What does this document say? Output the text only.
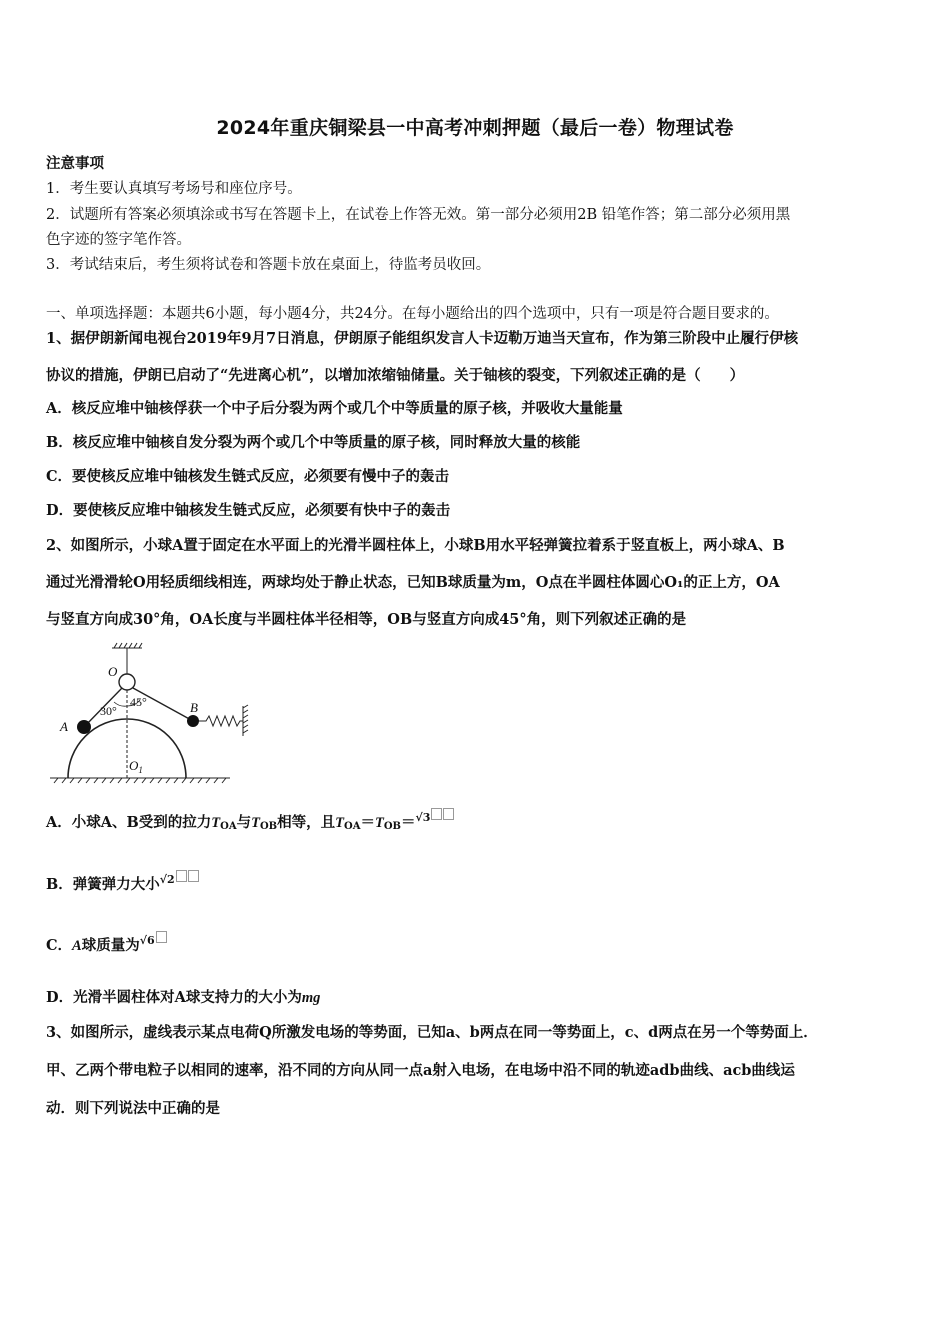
2024年重庆铜梁县一中高考冲刺押题（最后一卷）物理试卷
注意事项
1．考生要认真填写考场号和座位序号。
2．试题所有答案必须填涂或书写在答题卡上，在试卷上作答无效。第一部分必须用2B 铅笔作答；第二部分必须用黑
色字迹的签字笔作答。
3．考试结束后，考生须将试卷和答题卡放在桌面上，待监考员收回。
一、单项选择题：本题共6小题，每小题4分，共24分。在每小题给出的四个选项中，只有一项是符合题目要求的。
1、据伊朗新闻电视台2019年9月7日消息，伊朗原子能组织发言人卡迈勒万迪当天宣布，作为第三阶段中止履行伊核
协议的措施，伊朗已启动了“先进离心机”，以增加浓缩铀储量。关于铀核的裂变，下列叙述正确的是（　　）
A．核反应堆中铀核俘获一个中子后分裂为两个或几个中等质量的原子核，并吸收大量能量
B．核反应堆中铀核自发分裂为两个或几个中等质量的原子核，同时释放大量的核能
C．要使核反应堆中铀核发生链式反应，必须要有慢中子的轰击
D．要使核反应堆中铀核发生链式反应，必须要有快中子的轰击
2、如图所示，小球A置于固定在水平面上的光滑半圆柱体上，小球B用水平轻弹簧拉着系于竖直板上，两小球A、B
通过光滑滑轮O用轻质细线相连，两球均处于静止状态，已知B球质量为m，O点在半圆柱体圆心O₁的正上方，OA
与竖直方向成30°角，OA长度与半圆柱体半径相等，OB与竖直方向成45°角，则下列叙述正确的是
O
A
B
30°
45°
$O_1$
A．小球A、B受到的拉力$T_{OA}$与$T_{OB}$相等，且$T_{OA}=T_{OB}=^{√3}$
B．弹簧弹力大小$^{√2}$
C．A球质量为$^{√6}$
D．光滑半圆柱体对A球支持力的大小为mg
3、如图所示，虚线表示某点电荷Q所激发电场的等势面，已知a、b两点在同一等势面上，c、d两点在另一个等势面上．
甲、乙两个带电粒子以相同的速率，沿不同的方向从同一点a射入电场，在电场中沿不同的轨迹adb曲线、acb曲线运
动．则下列说法中正确的是
